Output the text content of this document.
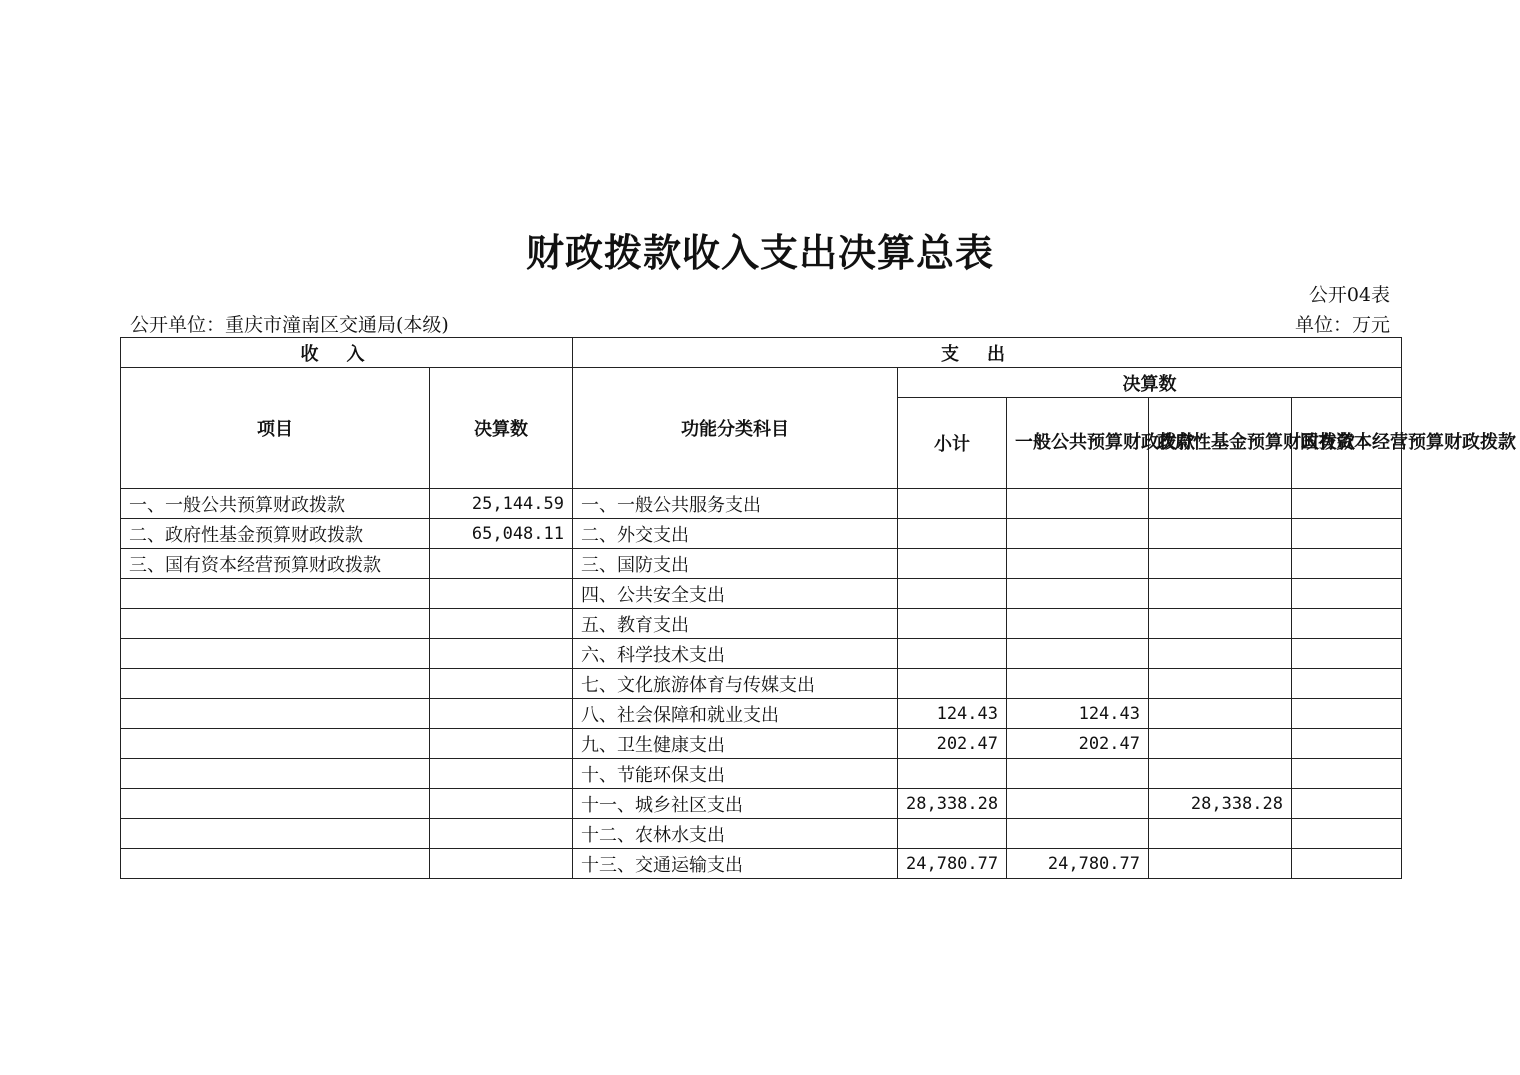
财政拨款收入支出决算总表
公开04表
公开单位：重庆市潼南区交通局(本级)	单位：万元
收入		支出				
项目	决算数	功能分类科目	决算数			
			小计	一般公共预算财政拨款	政府性基金预算财政拨款	国有资本经营预算财政拨款
一、一般公共预算财政拨款	25,144.59	一、一般公共服务支出				
二、政府性基金预算财政拨款	65,048.11	二、外交支出				
三、国有资本经营预算财政拨款		三、国防支出				
		四、公共安全支出				
		五、教育支出				
		六、科学技术支出				
		七、文化旅游体育与传媒支出				
		八、社会保障和就业支出	124.43	124.43		
		九、卫生健康支出	202.47	202.47		
		十、节能环保支出				
		十一、城乡社区支出	28,338.28		28,338.28	
		十二、农林水支出				
		十三、交通运输支出	24,780.77	24,780.77		
